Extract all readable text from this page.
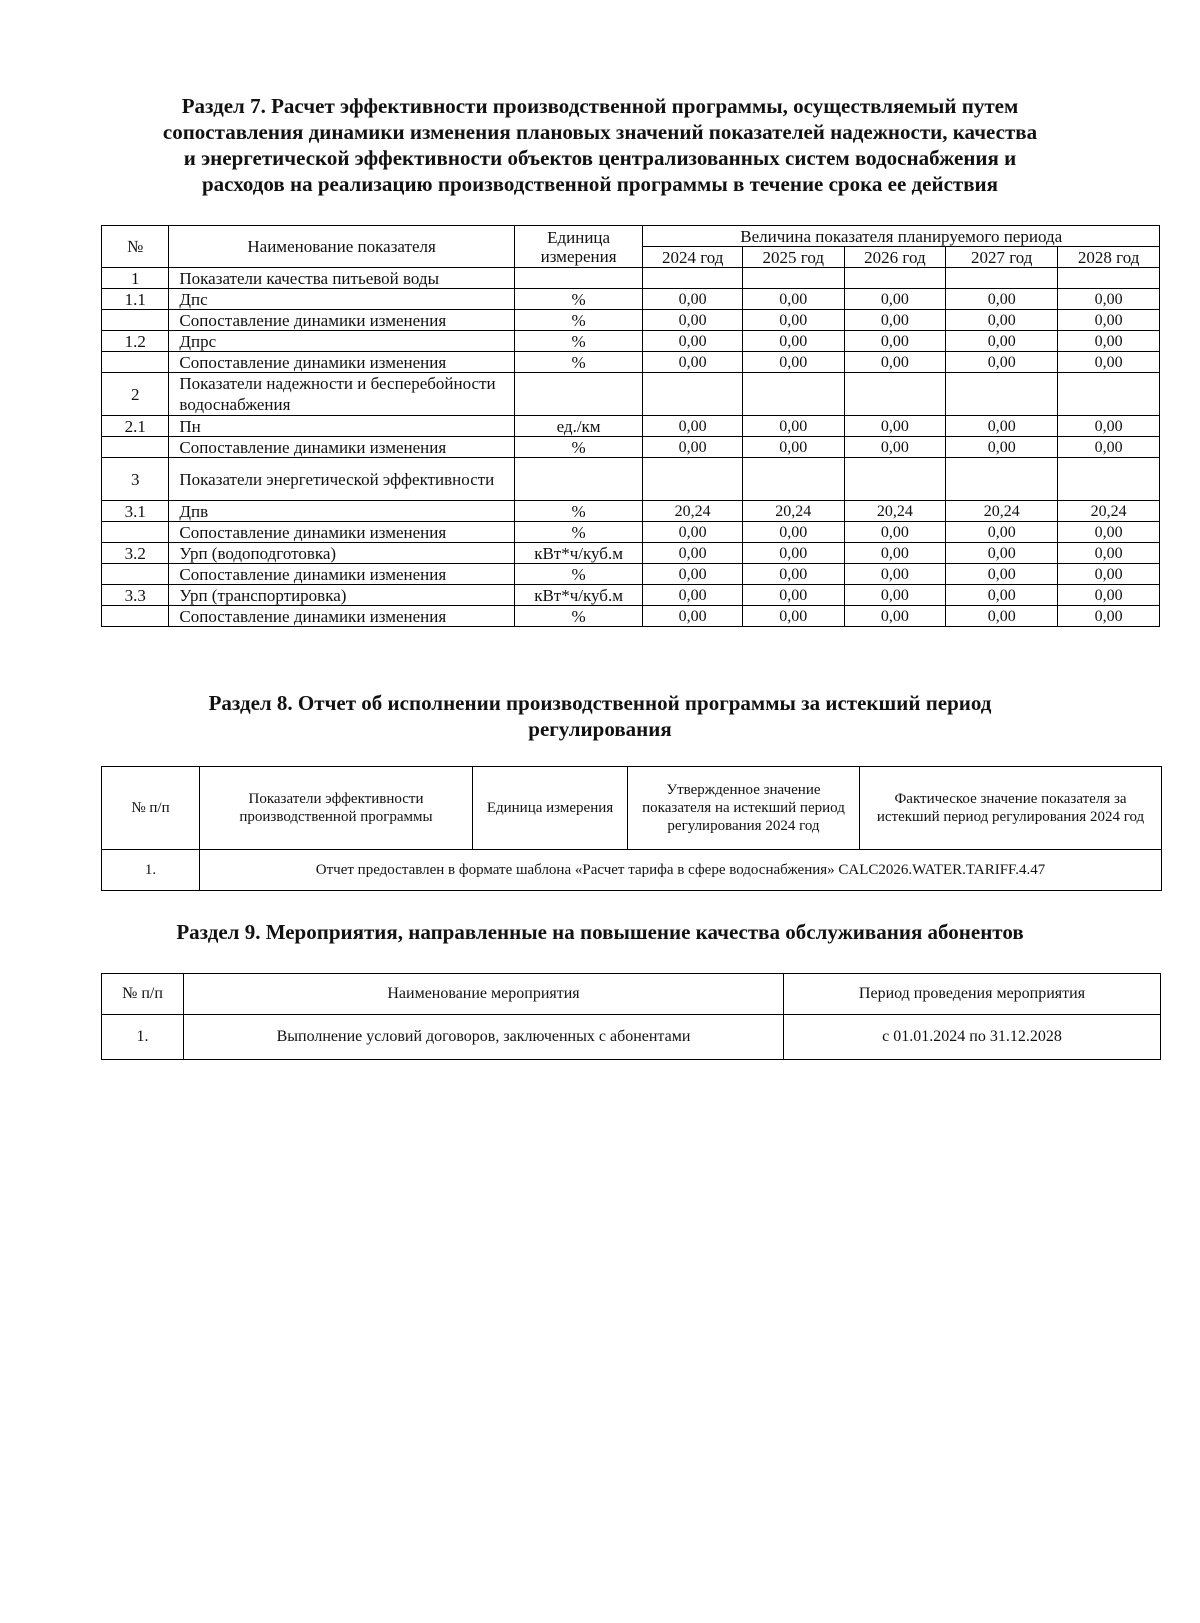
Раздел 7. Расчет эффективности производственной программы, осуществляемый путем
сопоставления динамики изменения плановых значений показателей надежности, качества
и энергетической эффективности объектов централизованных систем водоснабжения и
расходов на реализацию производственной программы в течение срока ее действия
№	Наименование показателя	Единица измерения	Величина показателя планируемого периода				
			2024 год	2025 год	2026 год	2027 год	2028 год
1	Показатели качества питьевой воды						
1.1	Дпс	%	0,00	0,00	0,00	0,00	0,00
	Сопоставление динамики изменения	%	0,00	0,00	0,00	0,00	0,00
1.2	Дпрс	%	0,00	0,00	0,00	0,00	0,00
	Сопоставление динамики изменения	%	0,00	0,00	0,00	0,00	0,00
2	Показатели надежности и бесперебойности водоснабжения						
2.1	Пн	ед./км	0,00	0,00	0,00	0,00	0,00
	Сопоставление динамики изменения	%	0,00	0,00	0,00	0,00	0,00
3	Показатели энергетической эффективности						
3.1	Дпв	%	20,24	20,24	20,24	20,24	20,24
	Сопоставление динамики изменения	%	0,00	0,00	0,00	0,00	0,00
3.2	Урп (водоподготовка)	кВт*ч/куб.м	0,00	0,00	0,00	0,00	0,00
	Сопоставление динамики изменения	%	0,00	0,00	0,00	0,00	0,00
3.3	Урп (транспортировка)	кВт*ч/куб.м	0,00	0,00	0,00	0,00	0,00
	Сопоставление динамики изменения	%	0,00	0,00	0,00	0,00	0,00
Раздел 8. Отчет об исполнении производственной программы за истекший период
регулирования
№ п/п	Показатели эффективности производственной программы	Единица измерения	Утвержденное значение показателя на истекший период регулирования 2024 год	Фактическое значение показателя за истекший период регулирования 2024 год
1.	Отчет предоставлен в формате шаблона «Расчет тарифа в сфере водоснабжения» CALC2026.WATER.TARIFF.4.47			
Раздел 9. Мероприятия, направленные на повышение качества обслуживания абонентов
№ п/п	Наименование мероприятия	Период проведения мероприятия
1.	Выполнение условий договоров, заключенных с абонентами	с 01.01.2024 по 31.12.2028
